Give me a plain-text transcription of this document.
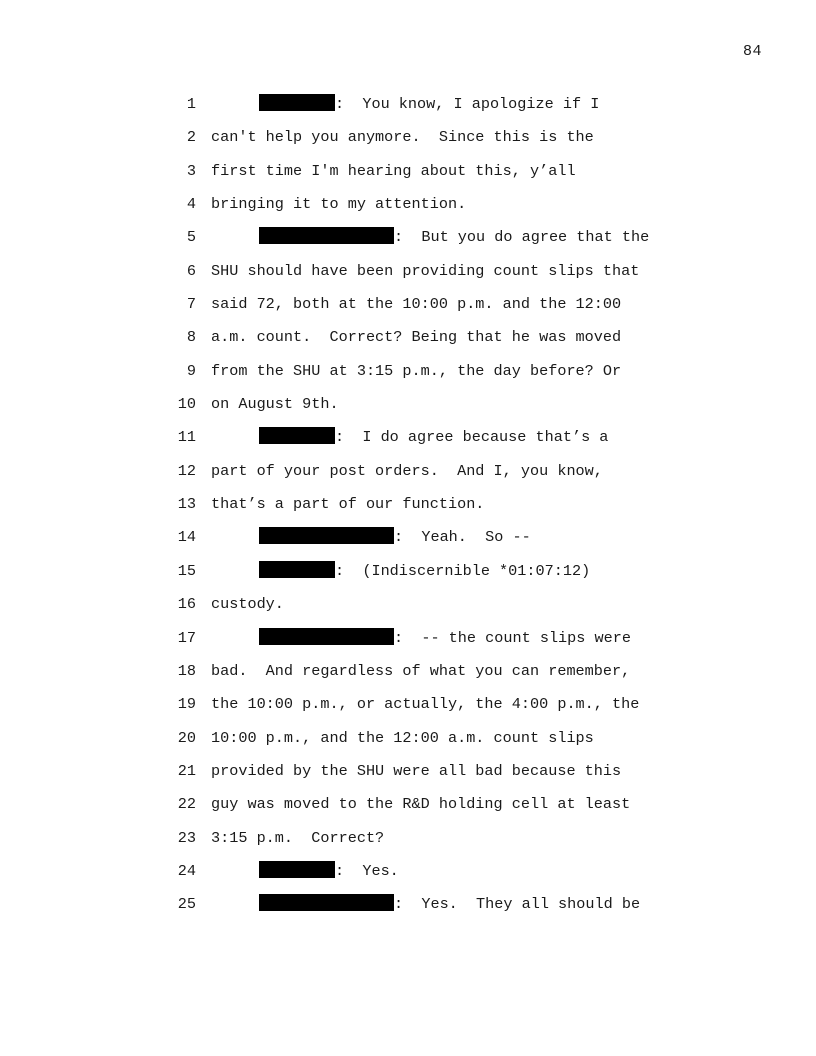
84
1	:  You know, I apologize if I
2 can't help you anymore.  Since this is the
3 first time I'm hearing about this, y’all
4 bringing it to my attention.
5	:  But you do agree that the
6 SHU should have been providing count slips that
7 said 72, both at the 10:00 p.m. and the 12:00
8 a.m. count.  Correct? Being that he was moved
9 from the SHU at 3:15 p.m., the day before? Or
10 on August 9th.
11	:  I do agree because that’s a
12 part of your post orders.  And I, you know,
13 that’s a part of our function.
14	:  Yeah.  So --
15	:  (Indiscernible *01:07:12)
16 custody.
17	:  -- the count slips were
18 bad.  And regardless of what you can remember,
19 the 10:00 p.m., or actually, the 4:00 p.m., the
20 10:00 p.m., and the 12:00 a.m. count slips
21 provided by the SHU were all bad because this
22 guy was moved to the R&D holding cell at least
23 3:15 p.m.  Correct?
24	:  Yes.
25	:  Yes.  They all should be
